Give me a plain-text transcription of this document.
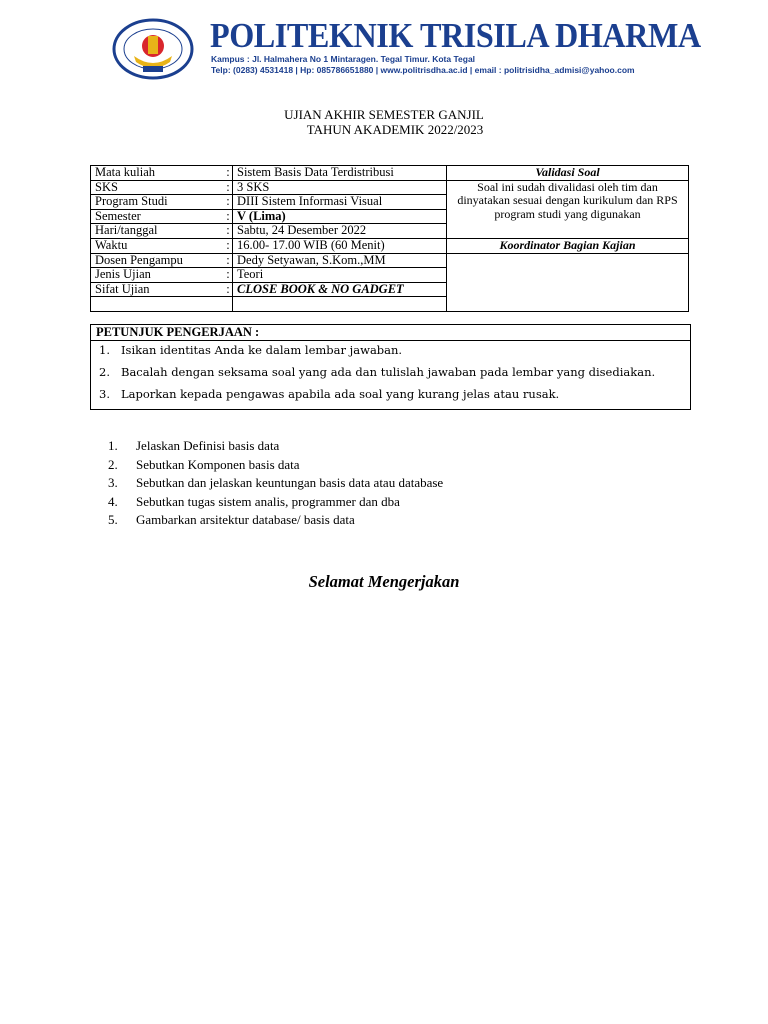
POLITEKNIK TRISILA DHARMA
Kampus : Jl. Halmahera No 1 Mintaragen. Tegal Timur. Kota Tegal
Telp: (0283) 4531418 | Hp: 085786651880 | www.politrisdha.ac.id | email : politrisidha_admisi@yahoo.com
UJIAN AKHIR SEMESTER GANJIL
TAHUN AKADEMIK 2022/2023
Mata kuliah	:	Sistem Basis Data Terdistribusi	Validasi Soal
SKS	:	3 SKS	Soal ini sudah divalidasi oleh tim dan dinyatakan sesuai dengan kurikulum dan RPS program studi yang digunakan
Program Studi	:	DIII Sistem Informasi Visual	
Semester	:	V (Lima)	
Hari/tanggal	:	Sabtu, 24 Desember 2022	
Waktu	:	16.00- 17.00 WIB (60 Menit)	Koordinator Bagian Kajian
Dosen Pengampu	:	Dedy Setyawan, S.Kom.,MM	
Jenis Ujian	:	Teori	
Sifat Ujian	:	CLOSE BOOK & NO GADGET	

PETUNJUK PENGERJAAN :
1. Isikan identitas Anda ke dalam lembar jawaban.
2. Bacalah dengan seksama soal yang ada dan tulislah jawaban pada lembar yang disediakan.
3. Laporkan kepada pengawas apabila ada soal yang kurang jelas atau rusak.
1. Jelaskan Definisi basis data
2. Sebutkan Komponen basis data
3. Sebutkan dan jelaskan keuntungan basis data atau database
4. Sebutkan tugas sistem analis, programmer dan dba
5. Gambarkan arsitektur database/ basis data
Selamat Mengerjakan
